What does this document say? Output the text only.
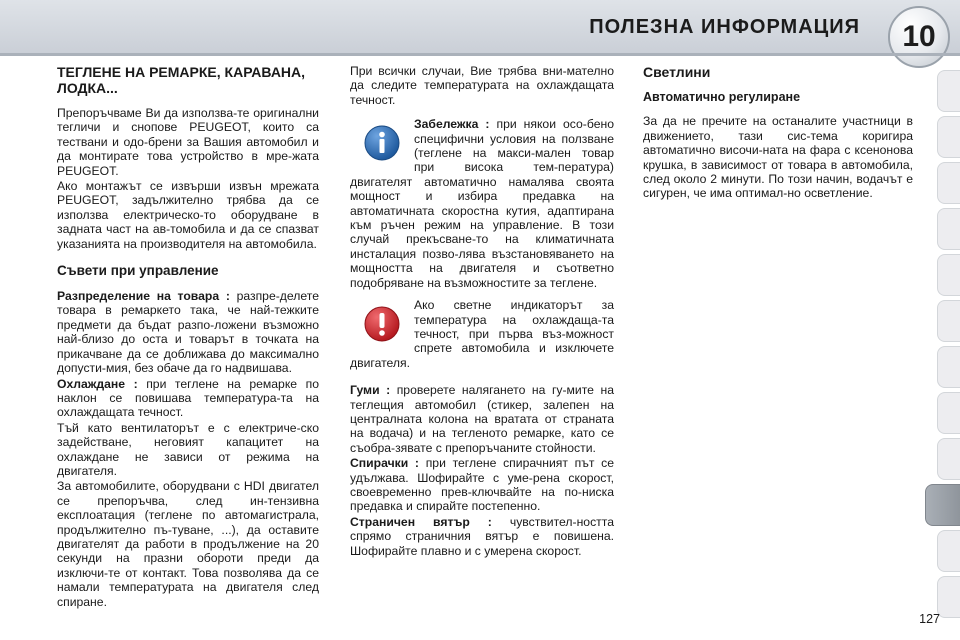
ПОЛЕЗНА ИНФОРМАЦИЯ	10
ТЕГЛЕНЕ НА РЕМАРКЕ, КАРАВАНА, ЛОДКА...

Препоръчваме Ви да използва-те оригинални тегличи и снопове PEUGEOT, които са тествани и одо-брени за Вашия автомобил и да монтирате това устройство в мре-жата PEUGEOT.

Ако монтажът се извърши извън мрежата PEUGEOT, задължително трябва да се използва електрическо-то оборудване в задната част на ав-томобила и да се спазват указанията на производителя на автомобила.

Съвети при управление

Разпределение на товара : разпре-делете товара в ремаркето така, че най-тежките предмети да бъдат разпо-ложени възможно най-близо до оста и товарът в точката на прикачване да се доближава до максимално допусти-мия, без обаче да го надвишава.

Охлаждане : при теглене на ремарке по наклон се повишава температура-та на охлаждащата течност.

Тъй като вентилаторът е с електриче-ско задействане, неговият капацитет на охлаждане не зависи от режима на двигателя.

За автомобилите, оборудвани с HDI двигател се препоръчва, след ин-тензивна експлоатация (теглене по автомагистрала, продължително пъ-туване, ...), да оставите двигателят да работи в продължение на 20 секунди на празни обороти преди да изключи-те от контакт. Това позволява да се намали температурата на двигателя след спиране.

При всички случаи, Вие трябва вни-мателно да следите температурата на охлаждащата течност.

Забележка : при някои осо-бено специфични условия на ползване (теглене на макси-мален товар при висока тем-пература) двигателят автоматично намалява своята мощност и избира предавка на автоматичната скоростна кутия, адаптирана към ръчен режим на управление. В този случай прекъсване-то на климатичната инсталация позво-лява възстановяването на мощността на двигателя и съответно подобряване на възможностите за теглене.

Ако светне индикаторът за температура на охлаждаща-та течност, при първа въз-можност спрете автомобила и изключете двигателя.

Гуми : проверете налягането на гу-мите на теглещия автомобил (стикер, залепен на централната колона на вратата от страната на водача) и на тегленото ремарке, като се съобра-зявате с препоръчаните стойности.

Спирачки : при теглене спирачният път се удължава. Шофирайте с уме-рена скорост, своевременно прев-ключвайте на по-ниска предавка и спирайте постепенно.

Страничен вятър : чувствител-ността спрямо страничния вятър е повишена. Шофирайте плавно и с умерена скорост.

Светлини
Автоматично регулиране

За да не пречите на останалите участници в движението, тази сис-тема коригира автоматично височи-ната на фара с ксенонова крушка, в зависимост от товара в автомобила, след около 2 минути. По този начин, водачът е сигурен, че има оптимал-но осветление.

127
